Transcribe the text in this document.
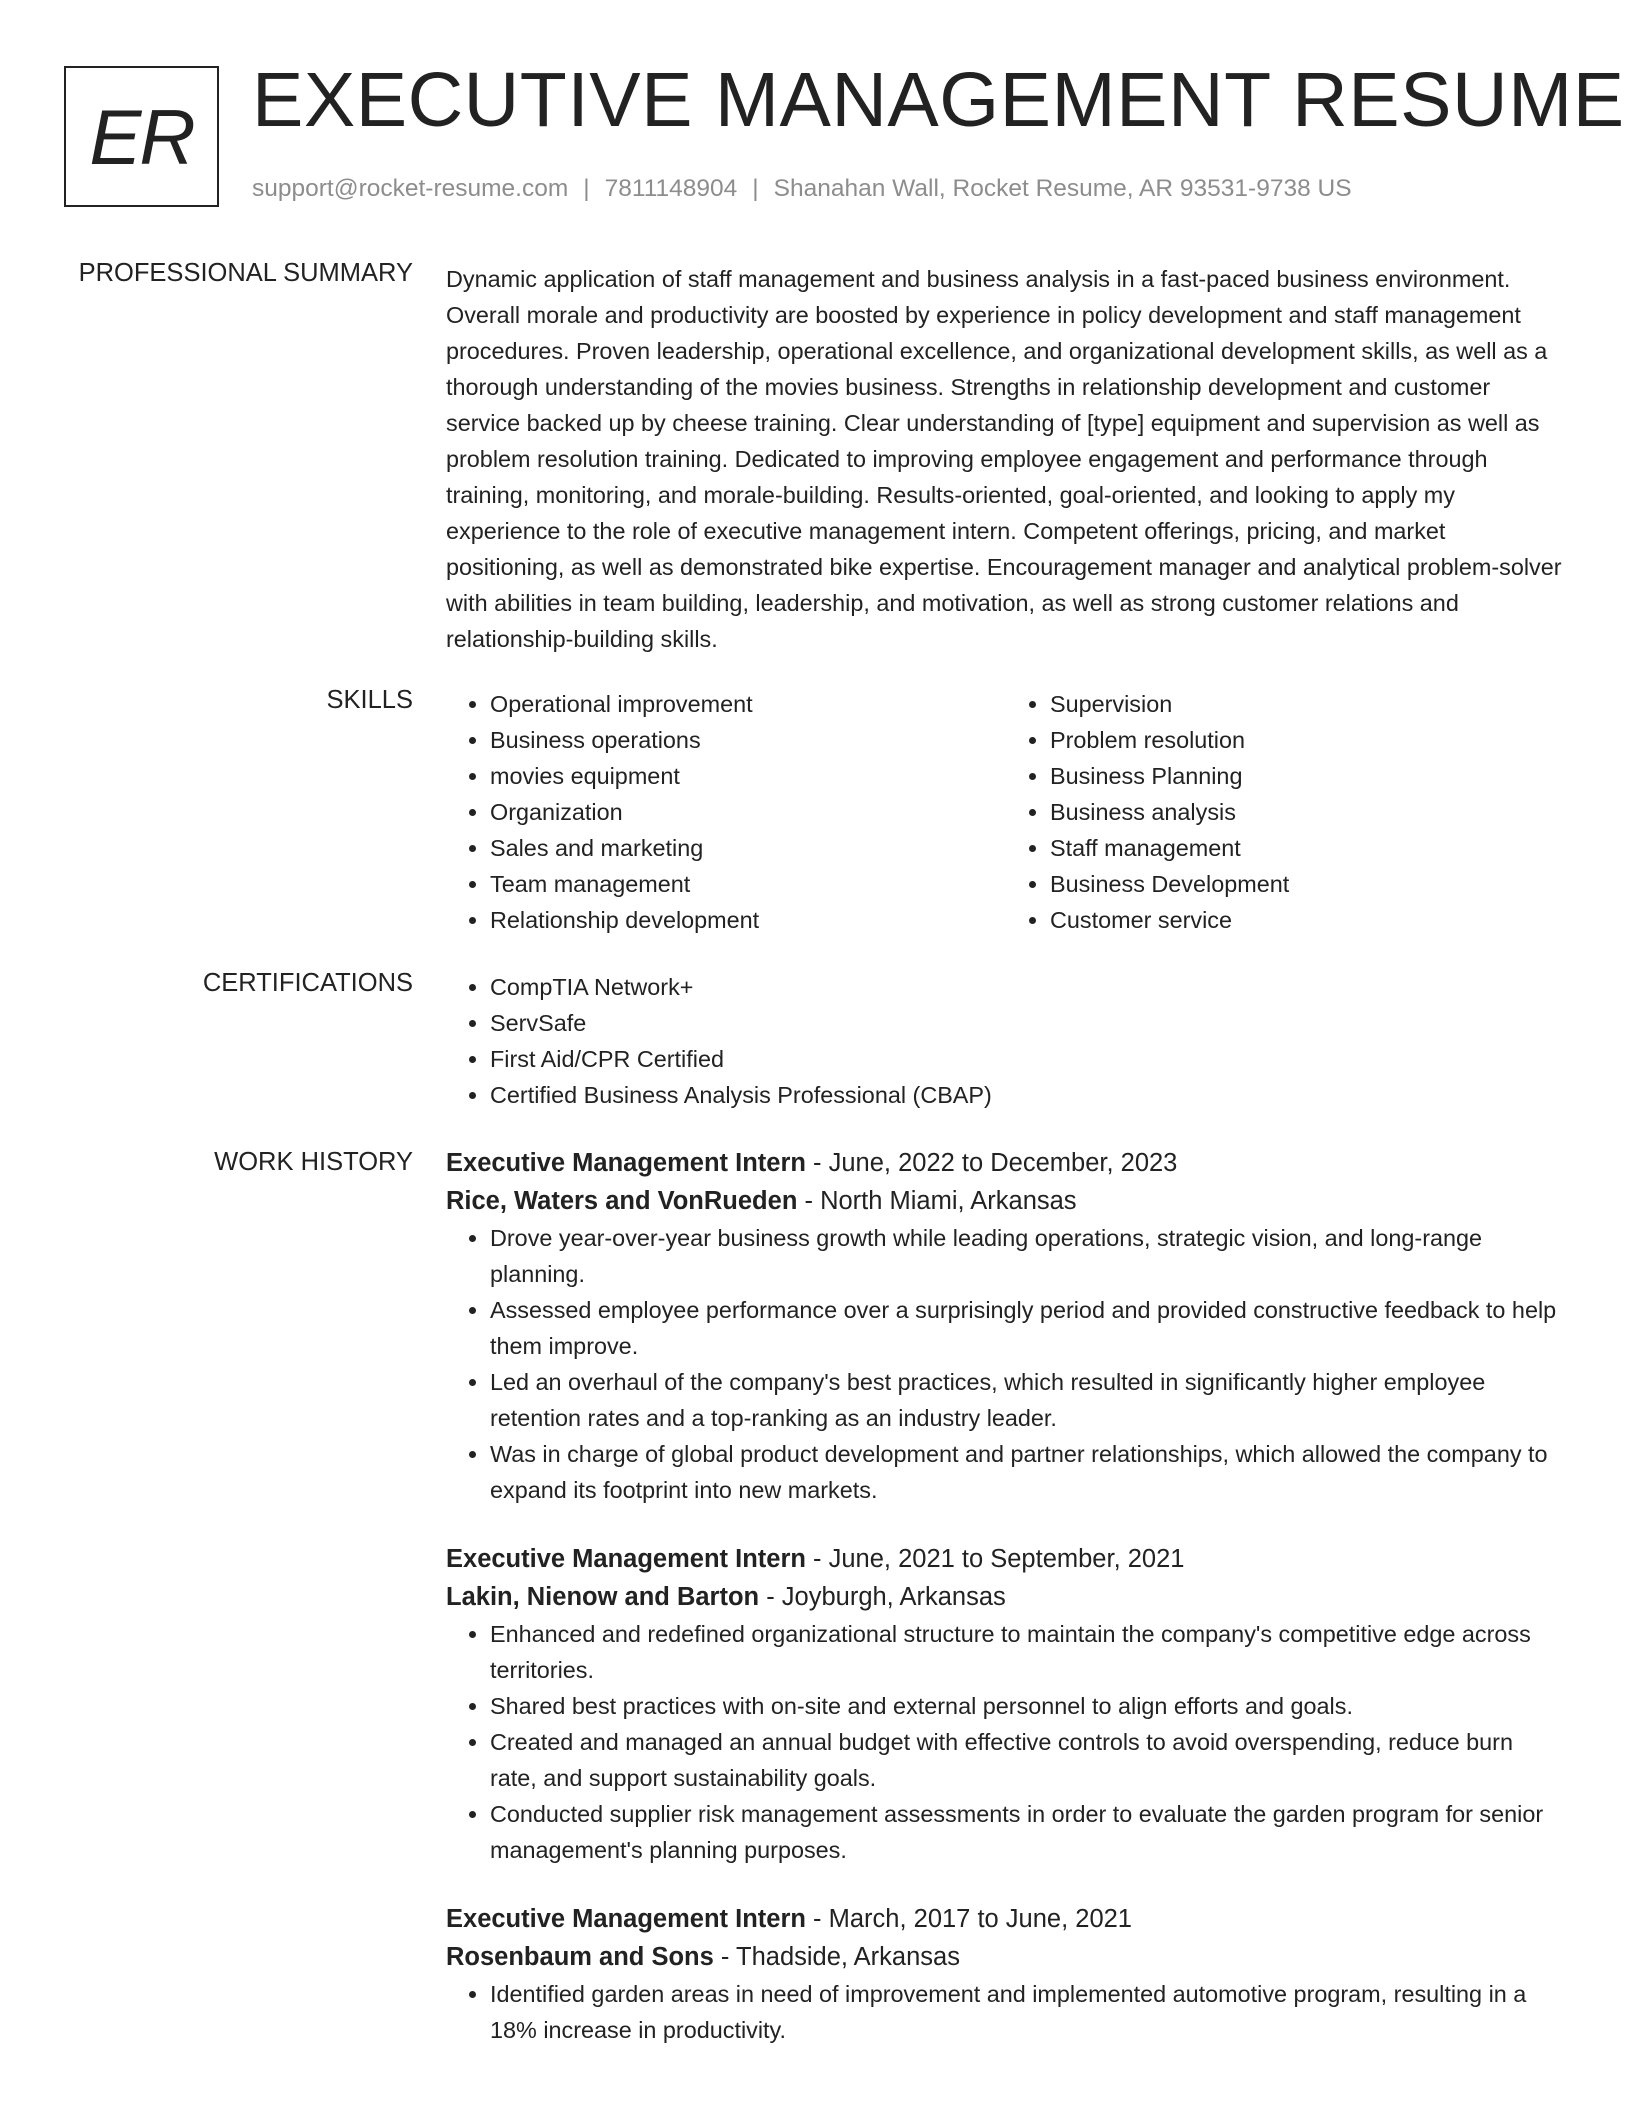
ER EXECUTIVE MANAGEMENT RESUME
support@rocket-resume.com | 7811148904 | Shanahan Wall, Rocket Resume, AR 93531-9738 US
PROFESSIONAL SUMMARY Dynamic application of staff management and business analysis in a fast-paced business environment. Overall morale and productivity are boosted by experience in policy development and staff management procedures. Proven leadership, operational excellence, and organizational development skills, as well as a thorough understanding of the movies business. Strengths in relationship development and customer service backed up by cheese training. Clear understanding of [type] equipment and supervision as well as problem resolution training. Dedicated to improving employee engagement and performance through training, monitoring, and morale-building. Results-oriented, goal-oriented, and looking to apply my experience to the role of executive management intern. Competent offerings, pricing, and market positioning, as well as demonstrated bike expertise. Encouragement manager and analytical problem-solver with abilities in team building, leadership, and motivation, as well as strong customer relations and relationship-building skills.

SKILLS	• Operational improvement
• Business operations
• movies equipment
• Organization
• Sales and marketing
• Team management
• Relationship development
• Supervision
• Problem resolution
• Business Planning
• Business analysis
• Staff management
• Business Development
• Customer service
CERTIFICATIONS	• CompTIA Network+
• ServSafe
• First Aid/CPR Certified
• Certified Business Analysis Professional (CBAP)
WORK HISTORY Executive Management Intern - June, 2022 to December, 2023
Rice, Waters and VonRueden - North Miami, Arkansas
• Drove year-over-year business growth while leading operations, strategic vision, and long-range planning.
• Assessed employee performance over a surprisingly period and provided constructive feedback to help them improve.
• Led an overhaul of the company's best practices, which resulted in significantly higher employee retention rates and a top-ranking as an industry leader.
• Was in charge of global product development and partner relationships, which allowed the company to expand its footprint into new markets.
Executive Management Intern - June, 2021 to September, 2021
Lakin, Nienow and Barton - Joyburgh, Arkansas
• Enhanced and redefined organizational structure to maintain the company's competitive edge across territories.
• Shared best practices with on-site and external personnel to align efforts and goals.
• Created and managed an annual budget with effective controls to avoid overspending, reduce burn rate, and support sustainability goals.
• Conducted supplier risk management assessments in order to evaluate the garden program for senior management's planning purposes.
Executive Management Intern - March, 2017 to June, 2021
Rosenbaum and Sons - Thadside, Arkansas
• Identified garden areas in need of improvement and implemented automotive program, resulting in a 18% increase in productivity.
